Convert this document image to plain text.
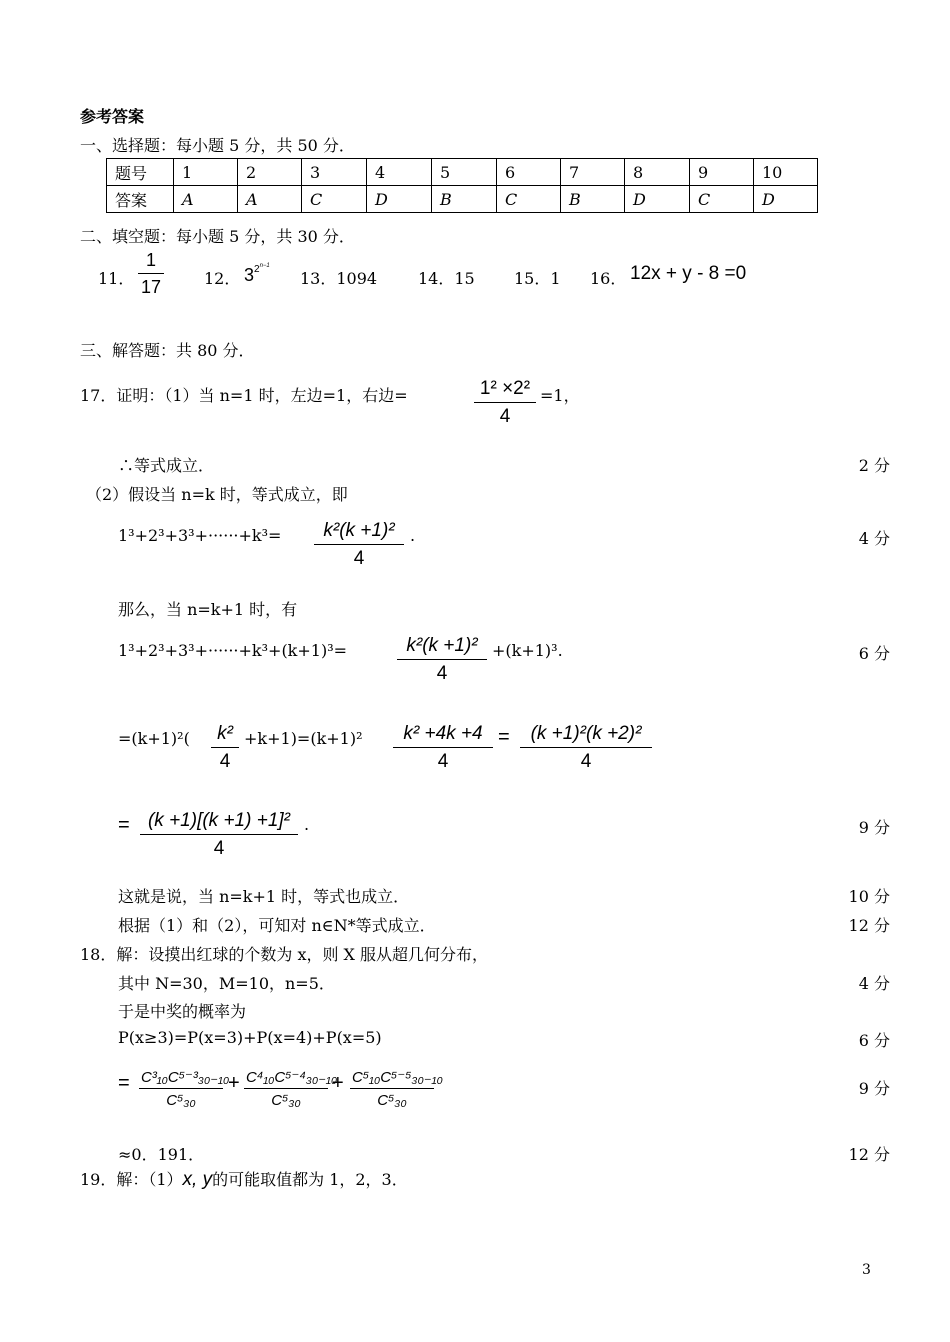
参考答案
一、选择题：每小题 5 分，共 50 分．
题号	1	2	3	4	5	6	7	8	9	10
答案	A	A	C	D	B	C	B	D	C	D
二、填空题：每小题 5 分，共 30 分．
11．
1
17	12． $3^{2n-1}$
13．1094	14．15 15．1 16． 12x + y - 8 =0
三、解答题：共 80 分．
17．证明：（1）当 n=1 时，左边=1，右边=	$\frac{\text{1² ×2²}}{4} =1$，
∴等式成立．	2 分
（2）假设当 n=k 时，等式成立，即
$1^3+2^3+3^3+\cdot\cdot\cdot\cdot\cdot\cdot+k^3= \frac{\text{k²(k +1)²}}{4}$ .	4 分
那么，当 n=k+1 时，有
1³+2³+3³+······+k³+(k+1)³=	$\frac{\text{k²(k +1)²}}{4} +(k+1)^3$.	6 分
$=(k+1)^2( \frac{\text{k²}}{4} +k+1)=(k+1)^2 \frac{\text{k² +4k +4}}{4} = \frac{\text{(k +1)²(k +2)²}}{4}$
= $\frac{\text{(k +1)[(k +1) +1]²}}{4}$ .	9 分
这就是说，当 n=k+1 时，等式也成立．	10 分
根据（1）和（2），可知对 n∈N*等式成立．	12 分
18．解：设摸出红球的个数为 x，则 X 服从超几何分布，
其中 N=30，M=10，n=5．	4 分
于是中奖的概率为
P(x≥3)=P(x=3)+P(x=4)+P(x=5)	6 分
= $\frac{\text{C³₁₀C⁵⁻³₃₀₋₁₀}}{\text{C⁵₃₀}} + \frac{\text{C⁴₁₀C⁵⁻⁴₃₀₋₁₀}}{\text{C⁵₃₀}} + \frac{\text{C⁵₁₀C⁵⁻⁵₃₀₋₁₀}}{\text{C⁵₃₀}}$	9 分
≈0．191．	12 分
19．解：（1）x, y的可能取值都为 1，2，3．
3
